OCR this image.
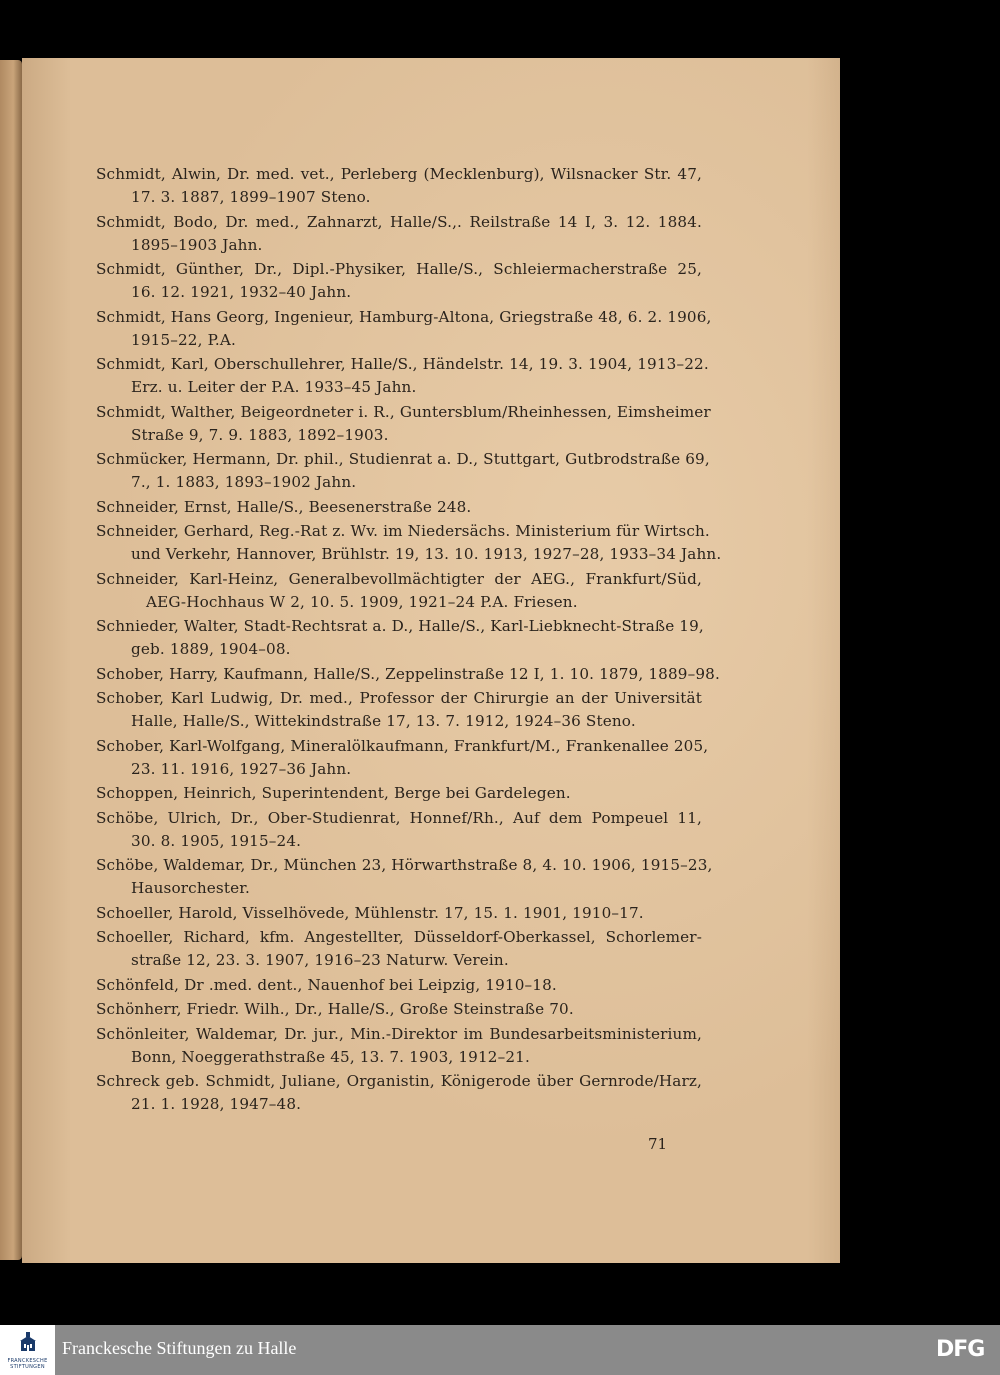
Schmidt, Alwin, Dr. med. vet., Perleberg (Mecklenburg), Wilsnacker Str. 47,
17. 3. 1887, 1899–1907 Steno.
Schmidt, Bodo, Dr. med., Zahnarzt, Halle/S.,. Reilstraße 14 I, 3. 12. 1884.
1895–1903 Jahn.
Schmidt, Günther, Dr., Dipl.-Physiker, Halle/S., Schleiermacherstraße 25,
16. 12. 1921, 1932–40 Jahn.
Schmidt, Hans Georg, Ingenieur, Hamburg-Altona, Griegstraße 48, 6. 2. 1906,
1915–22, P.A.
Schmidt, Karl, Oberschullehrer, Halle/S., Händelstr. 14, 19. 3. 1904, 1913–22.
Erz. u. Leiter der P.A. 1933–45 Jahn.
Schmidt, Walther, Beigeordneter i. R., Guntersblum/Rheinhessen, Eimsheimer
Straße 9, 7. 9. 1883, 1892–1903.
Schmücker, Hermann, Dr. phil., Studienrat a. D., Stuttgart, Gutbrodstraße 69,
7., 1. 1883, 1893–1902 Jahn.
Schneider, Ernst, Halle/S., Beesenerstraße 248.
Schneider, Gerhard, Reg.-Rat z. Wv. im Niedersächs. Ministerium für Wirtsch.
und Verkehr, Hannover, Brühlstr. 19, 13. 10. 1913, 1927–28, 1933–34 Jahn.
Schneider, Karl-Heinz, Generalbevollmächtigter der AEG., Frankfurt/Süd,
AEG-Hochhaus W 2, 10. 5. 1909, 1921–24 P.A. Friesen.
Schnieder, Walter, Stadt-Rechtsrat a. D., Halle/S., Karl-Liebknecht-Straße 19,
geb. 1889, 1904–08.
Schober, Harry, Kaufmann, Halle/S., Zeppelinstraße 12 I, 1. 10. 1879, 1889–98.
Schober, Karl Ludwig, Dr. med., Professor der Chirurgie an der Universität
Halle, Halle/S., Wittekindstraße 17, 13. 7. 1912, 1924–36 Steno.
Schober, Karl-Wolfgang, Mineralölkaufmann, Frankfurt/M., Frankenallee 205,
23. 11. 1916, 1927–36 Jahn.
Schoppen, Heinrich, Superintendent, Berge bei Gardelegen.
Schöbe, Ulrich, Dr., Ober-Studienrat, Honnef/Rh., Auf dem Pompeuel 11,
30. 8. 1905, 1915–24.
Schöbe, Waldemar, Dr., München 23, Hörwarthstraße 8, 4. 10. 1906, 1915–23,
Hausorchester.
Schoeller, Harold, Visselhövede, Mühlenstr. 17, 15. 1. 1901, 1910–17.
Schoeller, Richard, kfm. Angestellter, Düsseldorf-Oberkassel, Schorlemer-
straße 12, 23. 3. 1907, 1916–23 Naturw. Verein.
Schönfeld, Dr .med. dent., Nauenhof bei Leipzig, 1910–18.
Schönherr, Friedr. Wilh., Dr., Halle/S., Große Steinstraße 70.
Schönleiter, Waldemar, Dr. jur., Min.-Direktor im Bundesarbeitsministerium,
Bonn, Noeggerathstraße 45, 13. 7. 1903, 1912–21.
Schreck geb. Schmidt, Juliane, Organistin, Königerode über Gernrode/Harz,
21. 1. 1928, 1947–48.
71
FRANCKESCHE STIFTUNGEN
Franckesche Stiftungen zu Halle	DFG
